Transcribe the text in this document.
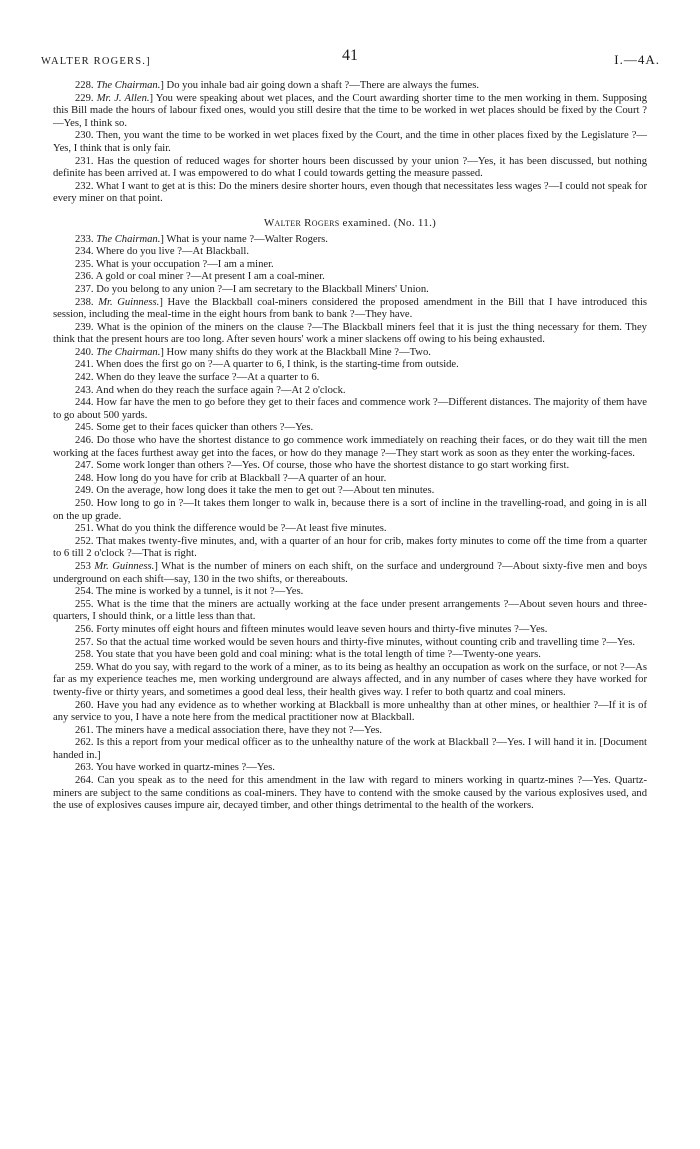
WALTER ROGERS.]	41	I.—4A.

228. The Chairman.] Do you inhale bad air going down a shaft ?—There are always the fumes.

229. Mr. J. Allen.] You were speaking about wet places, and the Court awarding shorter time to the men working in them. Supposing this Bill made the hours of labour fixed ones, would you still desire that the time to be worked in wet places should be fixed by the Court ?—Yes, I think so.

230. Then, you want the time to be worked in wet places fixed by the Court, and the time in other places fixed by the Legislature ?—Yes, I think that is only fair.

231. Has the question of reduced wages for shorter hours been discussed by your union ?—Yes, it has been discussed, but nothing definite has been arrived at. I was empowered to do what I could towards getting the measure passed.

232. What I want to get at is this: Do the miners desire shorter hours, even though that necessitates less wages ?—I could not speak for every miner on that point.

Walter Rogers examined. (No. 11.)

233. The Chairman.] What is your name ?—Walter Rogers.

234. Where do you live ?—At Blackball.

235. What is your occupation ?—I am a miner.

236. A gold or coal miner ?—At present I am a coal-miner.

237. Do you belong to any union ?—I am secretary to the Blackball Miners' Union.

238. Mr. Guinness.] Have the Blackball coal-miners considered the proposed amendment in the Bill that I have introduced this session, including the meal-time in the eight hours from bank to bank ?—They have.

239. What is the opinion of the miners on the clause ?—The Blackball miners feel that it is just the thing necessary for them. They think that the present hours are too long. After seven hours' work a miner slackens off owing to his being exhausted.

240. The Chairman.] How many shifts do they work at the Blackball Mine ?—Two.

241. When does the first go on ?—A quarter to 6, I think, is the starting-time from outside.

242. When do they leave the surface ?—At a quarter to 6.

243. And when do they reach the surface again ?—At 2 o'clock.

244. How far have the men to go before they get to their faces and commence work ?—Different distances. The majority of them have to go about 500 yards.

245. Some get to their faces quicker than others ?—Yes.

246. Do those who have the shortest distance to go commence work immediately on reaching their faces, or do they wait till the men working at the faces furthest away get into the faces, or how do they manage ?—They start work as soon as they enter the working-faces.

247. Some work longer than others ?—Yes. Of course, those who have the shortest distance to go start working first.

248. How long do you have for crib at Blackball ?—A quarter of an hour.

249. On the average, how long does it take the men to get out ?—About ten minutes.

250. How long to go in ?—It takes them longer to walk in, because there is a sort of incline in the travelling-road, and going in is all on the up grade.

251. What do you think the difference would be ?—At least five minutes.

252. That makes twenty-five minutes, and, with a quarter of an hour for crib, makes forty minutes to come off the time from a quarter to 6 till 2 o'clock ?—That is right.

253 Mr. Guinness.] What is the number of miners on each shift, on the surface and underground ?—About sixty-five men and boys underground on each shift—say, 130 in the two shifts, or thereabouts.

254. The mine is worked by a tunnel, is it not ?—Yes.

255. What is the time that the miners are actually working at the face under present arrangements ?—About seven hours and three-quarters, I should think, or a little less than that.

256. Forty minutes off eight hours and fifteen minutes would leave seven hours and thirty-five minutes ?—Yes.

257. So that the actual time worked would be seven hours and thirty-five minutes, without counting crib and travelling time ?—Yes.

258. You state that you have been gold and coal mining: what is the total length of time ?—Twenty-one years.

259. What do you say, with regard to the work of a miner, as to its being as healthy an occupation as work on the surface, or not ?—As far as my experience teaches me, men working underground are always affected, and in any number of cases where they have worked for twenty-five or thirty years, and sometimes a good deal less, their health gives way. I refer to both quartz and coal miners.

260. Have you had any evidence as to whether working at Blackball is more unhealthy than at other mines, or healthier ?—If it is of any service to you, I have a note here from the medical practitioner now at Blackball.

261. The miners have a medical association there, have they not ?—Yes.

262. Is this a report from your medical officer as to the unhealthy nature of the work at Blackball ?—Yes. I will hand it in. [Document handed in.]

263. You have worked in quartz-mines ?—Yes.

264. Can you speak as to the need for this amendment in the law with regard to miners working in quartz-mines ?—Yes. Quartz-miners are subject to the same conditions as coal-miners. They have to contend with the smoke caused by the various explosives used, and the use of explosives causes impure air, decayed timber, and other things detrimental to the health of the workers.
